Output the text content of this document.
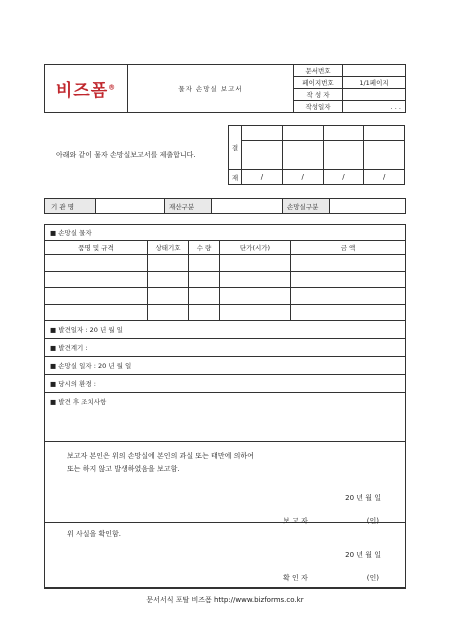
비즈폼®	물자 손망실 보고서	문서번호	
		페이지번호	1/1페이지
		작 성 자	
		작성일자	. . .
아래와 같이 물자 손망실보고서를 제출합니다.
결				

재	/	/	/	/
기 관 명		재산구분		손망실구분	
■ 손망실 물자				
품명 및 규격	상태기호	수 량	단가(시가)	금 액

■ 발견일자 : 20 년 월 일				
■ 발견계기 :				
■ 손망실 일자 : 20 년 월 일				
■ 당시의 환경 :				
■ 발견 후 조치사항				

보고자 본인은 위의 손망실에 본인의 과실 또는 태만에 의하여
또는 하지 않고 발생하였음을 보고함.
20 년 월 일
보 고 자 (인)				

위 사실을 확인함.
20 년 월 일
확 인 자 (인)				
문서서식 포탈 비즈폼 http://www.bizforms.co.kr
